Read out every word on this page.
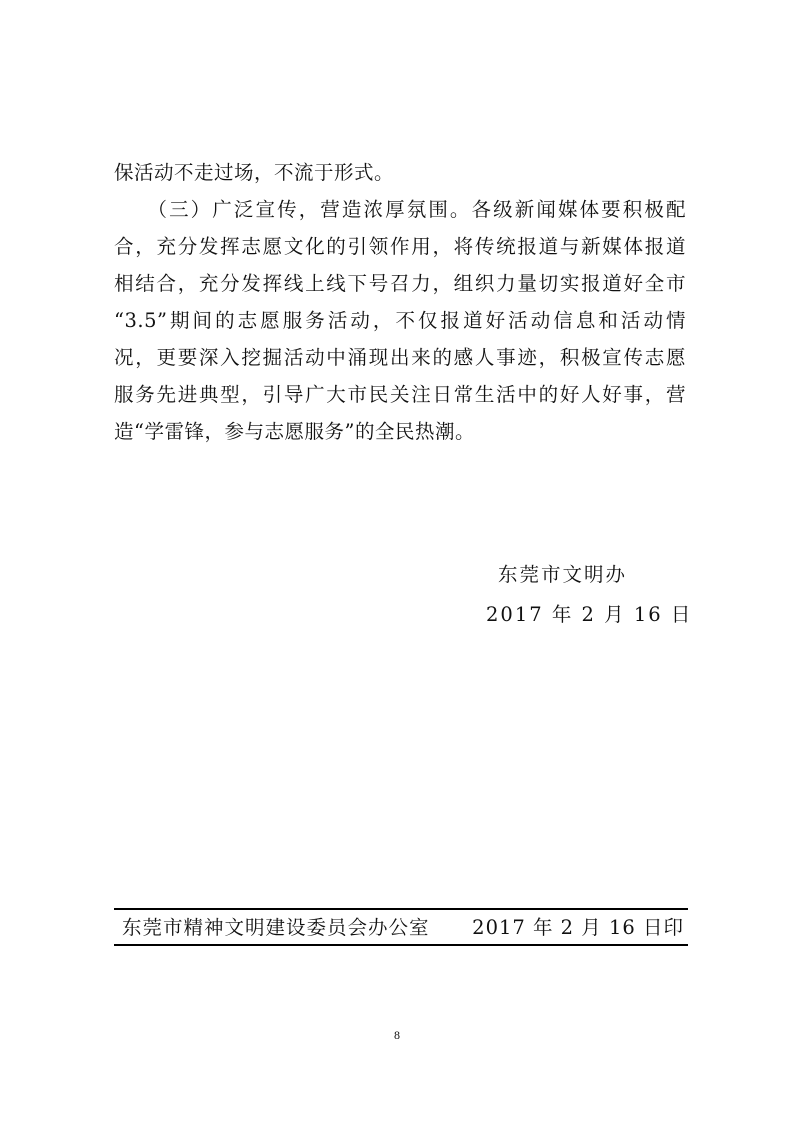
保活动不走过场，不流于形式。
　　（三）广泛宣传，营造浓厚氛围。各级新闻媒体要积极配
合，充分发挥志愿文化的引领作用，将传统报道与新媒体报道
相结合，充分发挥线上线下号召力，组织力量切实报道好全市
“3.5”期间的志愿服务活动，不仅报道好活动信息和活动情
况，更要深入挖掘活动中涌现出来的感人事迹，积极宣传志愿
服务先进典型，引导广大市民关注日常生活中的好人好事，营
造“学雷锋，参与志愿服务”的全民热潮。
东莞市文明办
2017 年 2 月 16 日
东莞市精神文明建设委员会办公室 2017 年 2 月 16 日印
8
